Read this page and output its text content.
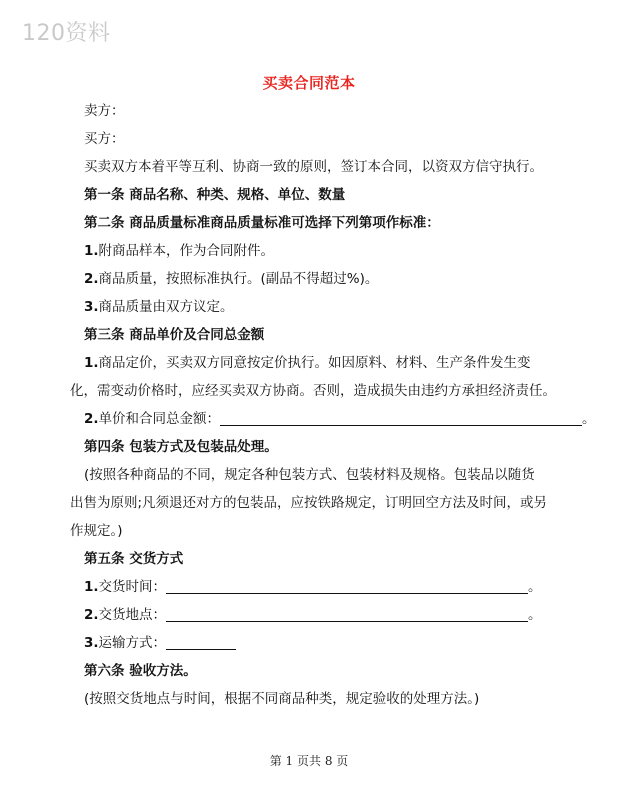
120资料
买卖合同范本
卖方：
买方：
买卖双方本着平等互利、协商一致的原则，签订本合同，以资双方信守执行。
第一条 商品名称、种类、规格、单位、数量
第二条 商品质量标准商品质量标准可选择下列第项作标准：
1.附商品样本，作为合同附件。
2.商品质量，按照标准执行。(副品不得超过%)。
3.商品质量由双方议定。
第三条 商品单价及合同总金额
1.商品定价，买卖双方同意按定价执行。如因原料、材料、生产条件发生变
化，需变动价格时，应经买卖双方协商。否则，造成损失由违约方承担经济责任。
2.单价和合同总金额：	。
第四条 包装方式及包装品处理。
(按照各种商品的不同，规定各种包装方式、包装材料及规格。包装品以随货
出售为原则;凡须退还对方的包装品，应按铁路规定，订明回空方法及时间，或另
作规定。)
第五条 交货方式
1.交货时间：	。
2.交货地点：	。
3.运输方式：
第六条 验收方法。
(按照交货地点与时间，根据不同商品种类，规定验收的处理方法。)
第 1 页共 8 页
